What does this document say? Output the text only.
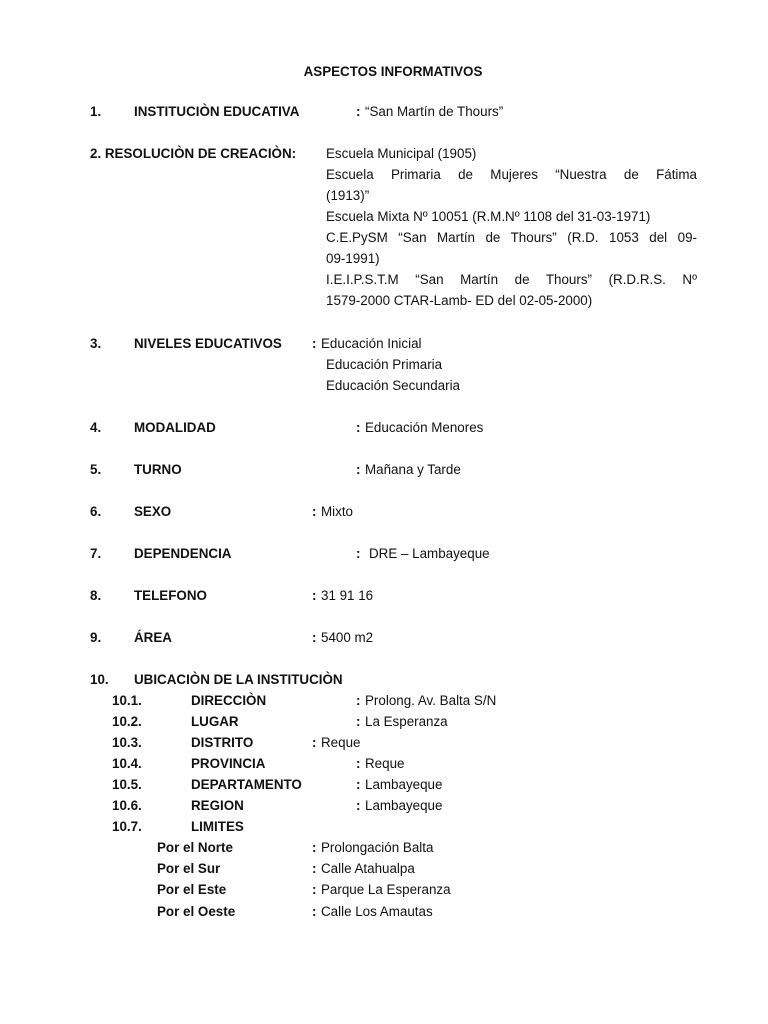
ASPECTOS INFORMATIVOS
1. INSTITUCIÒN EDUCATIVA	: “San Martín de Thours”
2. RESOLUCIÒN DE CREACIÒN: Escuela Municipal (1905)
Escuela Primaria de Mujeres “Nuestra de Fátima
(1913)”
Escuela Mixta Nº 10051 (R.M.Nº 1108 del 31-03-1971)
C.E.PySM “San Martín de Thours” (R.D. 1053 del 09-
09-1991)
I.E.I.P.S.T.M “San Martín de Thours” (R.D.R.S. Nº
1579-2000 CTAR-Lamb- ED del 02-05-2000)
3. NIVELES EDUCATIVOS : Educación Inicial
Educación Primaria
Educación Secundaria
4. MODALIDAD	: Educación Menores
5. TURNO	: Mañana y Tarde
6. SEXO	: Mixto
7. DEPENDENCIA	: DRE – Lambayeque
8. TELEFONO	: 31 91 16
9. ÁREA	: 5400 m2
10. UBICACIÒN DE LA INSTITUCIÒN
10.1.	DIRECCIÒN	: Prolong. Av. Balta S/N
10.2.	LUGAR	: La Esperanza
10.3.	DISTRITO	: Reque
10.4.	PROVINCIA	: Reque
10.5.	DEPARTAMENTO	: Lambayeque
10.6.	REGION	: Lambayeque
10.7.	LIMITES
Por el Norte	: Prolongación Balta
Por el Sur	: Calle Atahualpa
Por el Este	: Parque La Esperanza
Por el Oeste	: Calle Los Amautas
